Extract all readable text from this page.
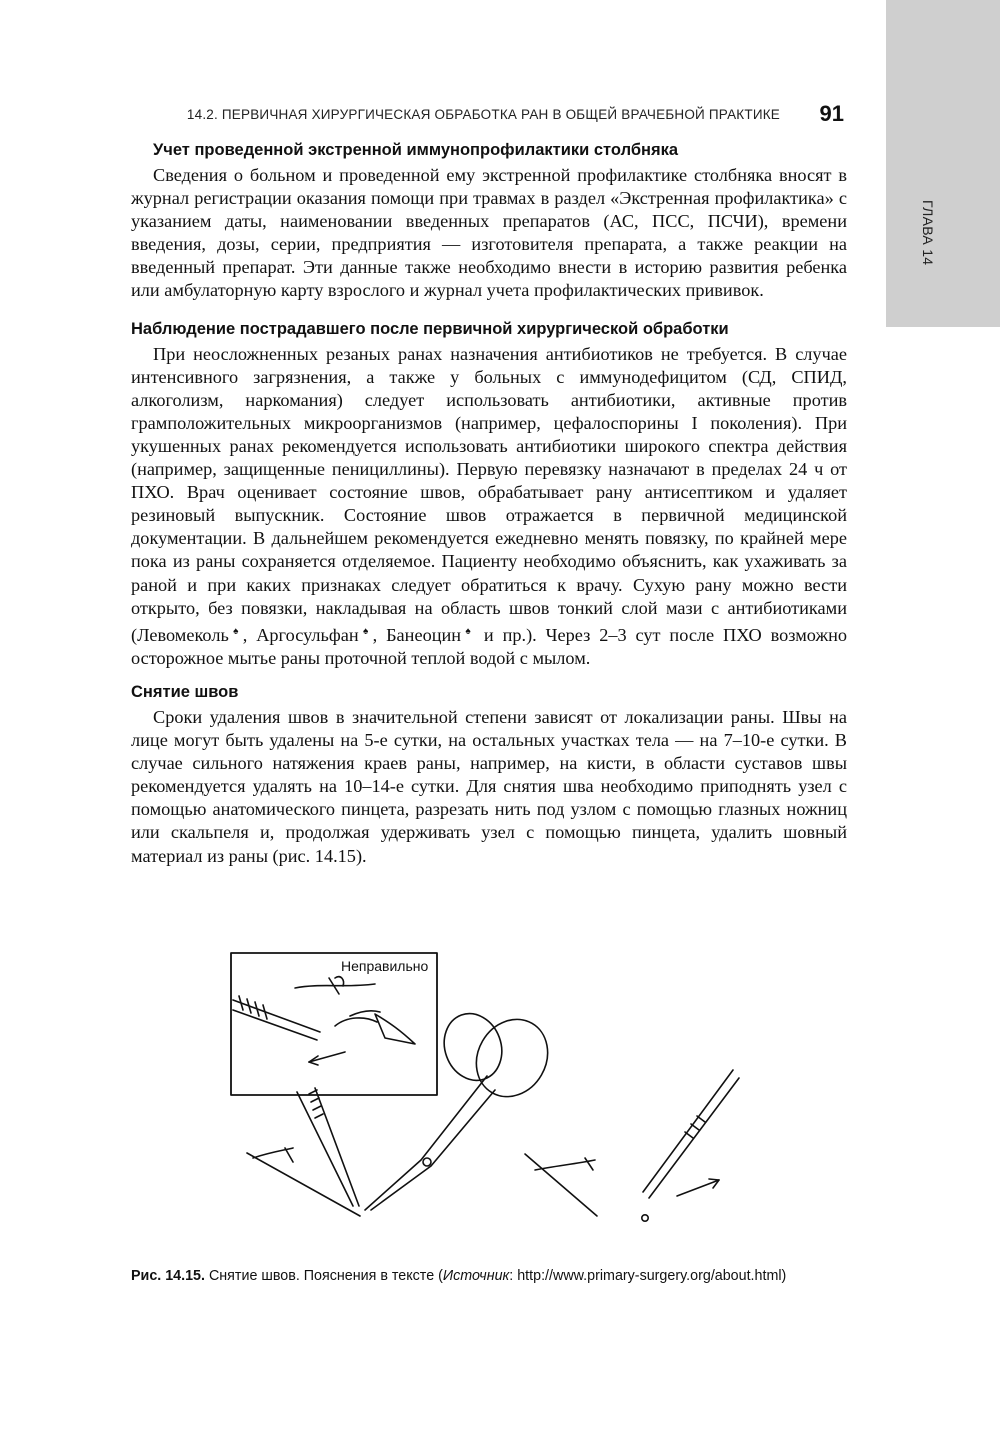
ГЛАВА 14
14.2. ПЕРВИЧНАЯ ХИРУРГИЧЕСКАЯ ОБРАБОТКА РАН В ОБЩЕЙ ВРАЧЕБНОЙ ПРАКТИКЕ 91
Учет проведенной экстренной иммунопрофилактики столбняка

Сведения о больном и проведенной ему экстренной профилактике столбняка вносят в журнал регистрации оказания помощи при травмах в раздел «Экстренная профилактика» с указанием даты, наименовании введенных препаратов (АС, ПСС, ПСЧИ), времени введения, дозы, серии, предприятия — изготовителя препарата, а также реакции на введенный препарат. Эти данные также необходимо внести в историю развития ребенка или амбулаторную карту взрослого и журнал учета профилактических прививок.

Наблюдение пострадавшего после первичной хирургической обработки

При неосложненных резаных ранах назначения антибиотиков не требуется. В случае интенсивного загрязнения, а также у больных с иммунодефицитом (СД, СПИД, алкоголизм, наркомания) следует использовать антибиотики, активные против грамположительных микроорганизмов (например, цефалоспорины I поколения). При укушенных ранах рекомендуется использовать антибиотики широкого спектра действия (например, защищенные пенициллины). Первую перевязку назначают в пределах 24 ч от ПХО. Врач оценивает состояние швов, обрабатывает рану антисептиком и удаляет резиновый выпускник. Состояние швов отражается в первичной медицинской документации. В дальнейшем рекомендуется ежедневно менять повязку, по крайней мере пока из раны сохраняется отделяемое. Пациенту необходимо объяснить, как ухаживать за раной и при каких признаках следует обратиться к врачу. Сухую рану можно вести открыто, без повязки, накладывая на область швов тонкий слой мази с антибиотиками (Левомеколь♠, Аргосульфан♠, Банеоцин♠ и пр.). Через 2–3 сут после ПХО возможно осторожное мытье раны проточной теплой водой с мылом.

Снятие швов

Сроки удаления швов в значительной степени зависят от локализации раны. Швы на лице могут быть удалены на 5-е сутки, на остальных участках тела — на 7–10-е сутки. В случае сильного натяжения краев раны, например, на кисти, в области суставов швы рекомендуется удалять на 10–14-е сутки. Для снятия шва необходимо приподнять узел с помощью анатомического пинцета, разрезать нить под узлом с помощью глазных ножниц или скальпеля и, продолжая удерживать узел с помощью пинцета, удалить шовный материал из раны (рис. 14.15).

Неправильно
Рис. 14.15. Снятие швов. Пояснения в тексте (Источник: http://www.primary-surgery.org/about.html)
